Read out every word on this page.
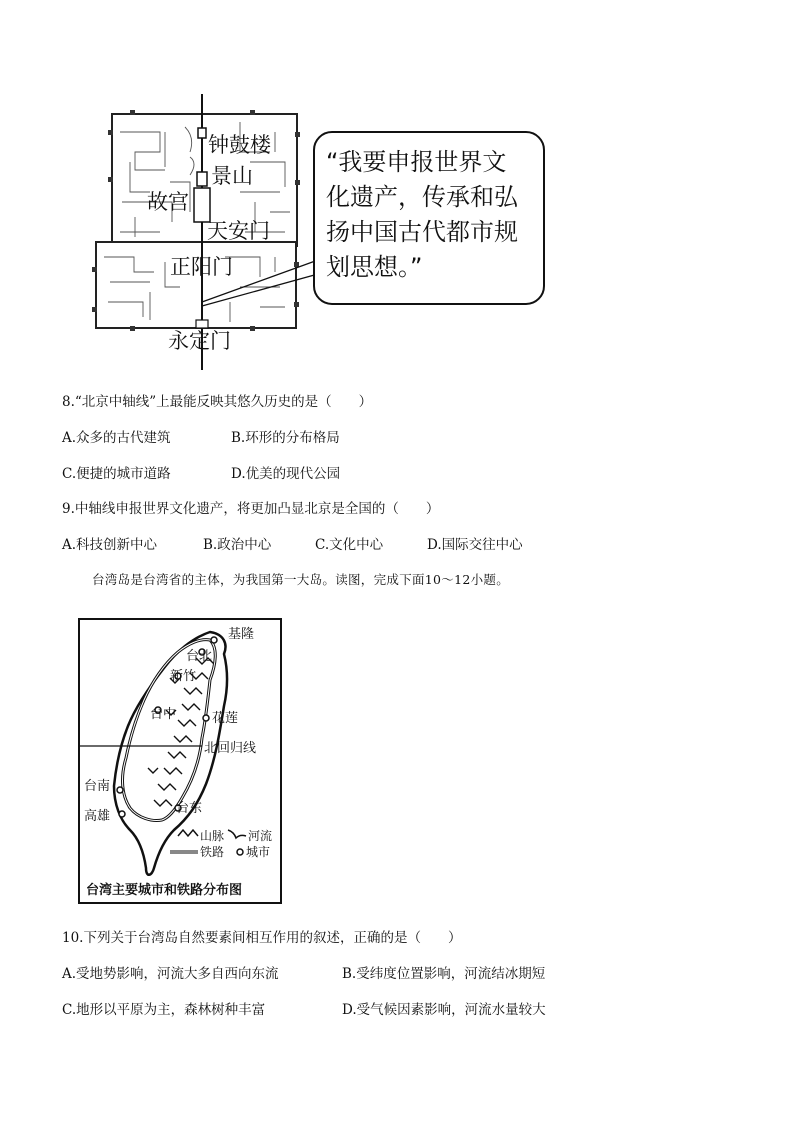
钟鼓楼
景山
故宫
天安门
正阳门
永定门
“我要申报世界文
化遗产，传承和弘
扬中国古代都市规
划思想。”
8.“北京中轴线”上最能反映其悠久历史的是（　　）
A.众多的古代建筑	B.环形的分布格局
C.便捷的城市道路	D.优美的现代公园
9.中轴线申报世界文化遗产，将更加凸显北京是全国的（　　）
A.科技创新中心	B.政治中心	C.文化中心	D.国际交往中心
台湾岛是台湾省的主体，为我国第一大岛。读图，完成下面10～12小题。
基隆
台北
新竹
台中	花莲
北回归线
台南
高雄
台东
山脉 河流
铁路 城市
台湾主要城市和铁路分布图
10.下列关于台湾岛自然要素间相互作用的叙述，正确的是（　　）
A.受地势影响，河流大多自西向东流	B.受纬度位置影响，河流结冰期短
C.地形以平原为主，森林树种丰富	D.受气候因素影响，河流水量较大
